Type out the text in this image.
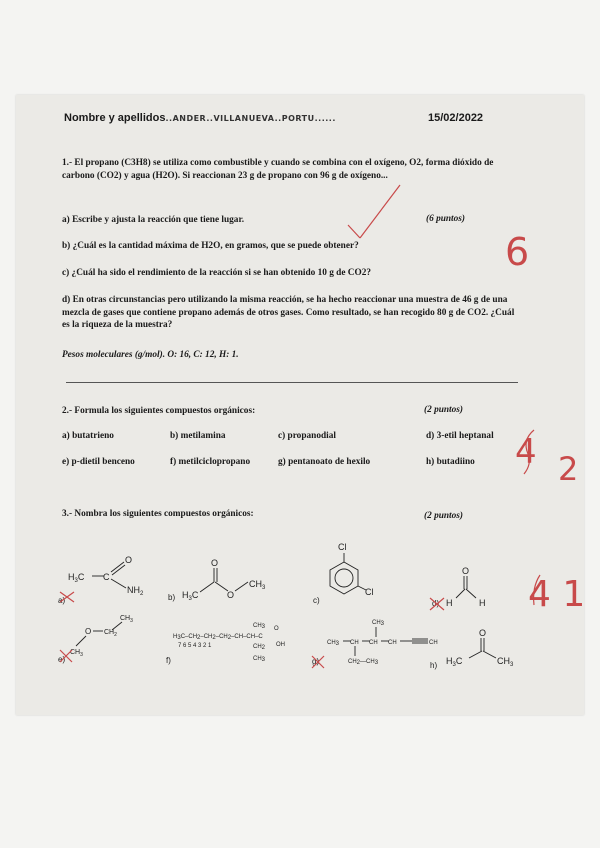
Nombre y apellidos..ANDER..VILLANUEVA..PORTU......	15/02/2022
1.- El propano (C3H8) se utiliza como combustible y cuando se combina con el oxígeno, O2, forma dióxido de carbono (CO2) y agua (H2O). Si reaccionan 23 g de propano con 96 g de oxígeno...
a) Escribe y ajusta la reacción que tiene lugar.	(6 puntos)
b) ¿Cuál es la cantidad máxima de H2O, en gramos, que se puede obtener?
c) ¿Cuál ha sido el rendimiento de la reacción si se han obtenido 10 g de CO2?
d) En otras circunstancias pero utilizando la misma reacción, se ha hecho reaccionar una muestra de 46 g de una mezcla de gases que contiene propano además de otros gases. Como resultado, se han recogido 80 g de CO2. ¿Cuál es la riqueza de la muestra?
Pesos moleculares (g/mol). O: 16, C: 12, H: 1.
2.- Formula los siguientes compuestos orgánicos:	(2 puntos)
a) butatrieno	b) metilamina	c) propanodial	d) 3-etil heptanal
e) p-dietil benceno	f) metilciclopropano	g) pentanoato de hexilo	h) butadiino
3.- Nombra los siguientes compuestos orgánicos:	(2 puntos)
$H_3C$ C
O
$NH_2$
a)
$H_3C$
O
O
$CH_3$
b)
Cl
Cl
c)
O
H	H
d)
$CH_3$
$CH_2$
O
$CH_3$
e)
H3C–CH2–CH2–CH2–CH–CH–C
CH3
7 6 5 4 3 2 1	CH2
CH3
O
OH
f)
CH3
CH3 CH CH CH	CH
CH2—CH3
g)
O
$H_3C$	$CH_3$
h)
6
4 2
4 1
